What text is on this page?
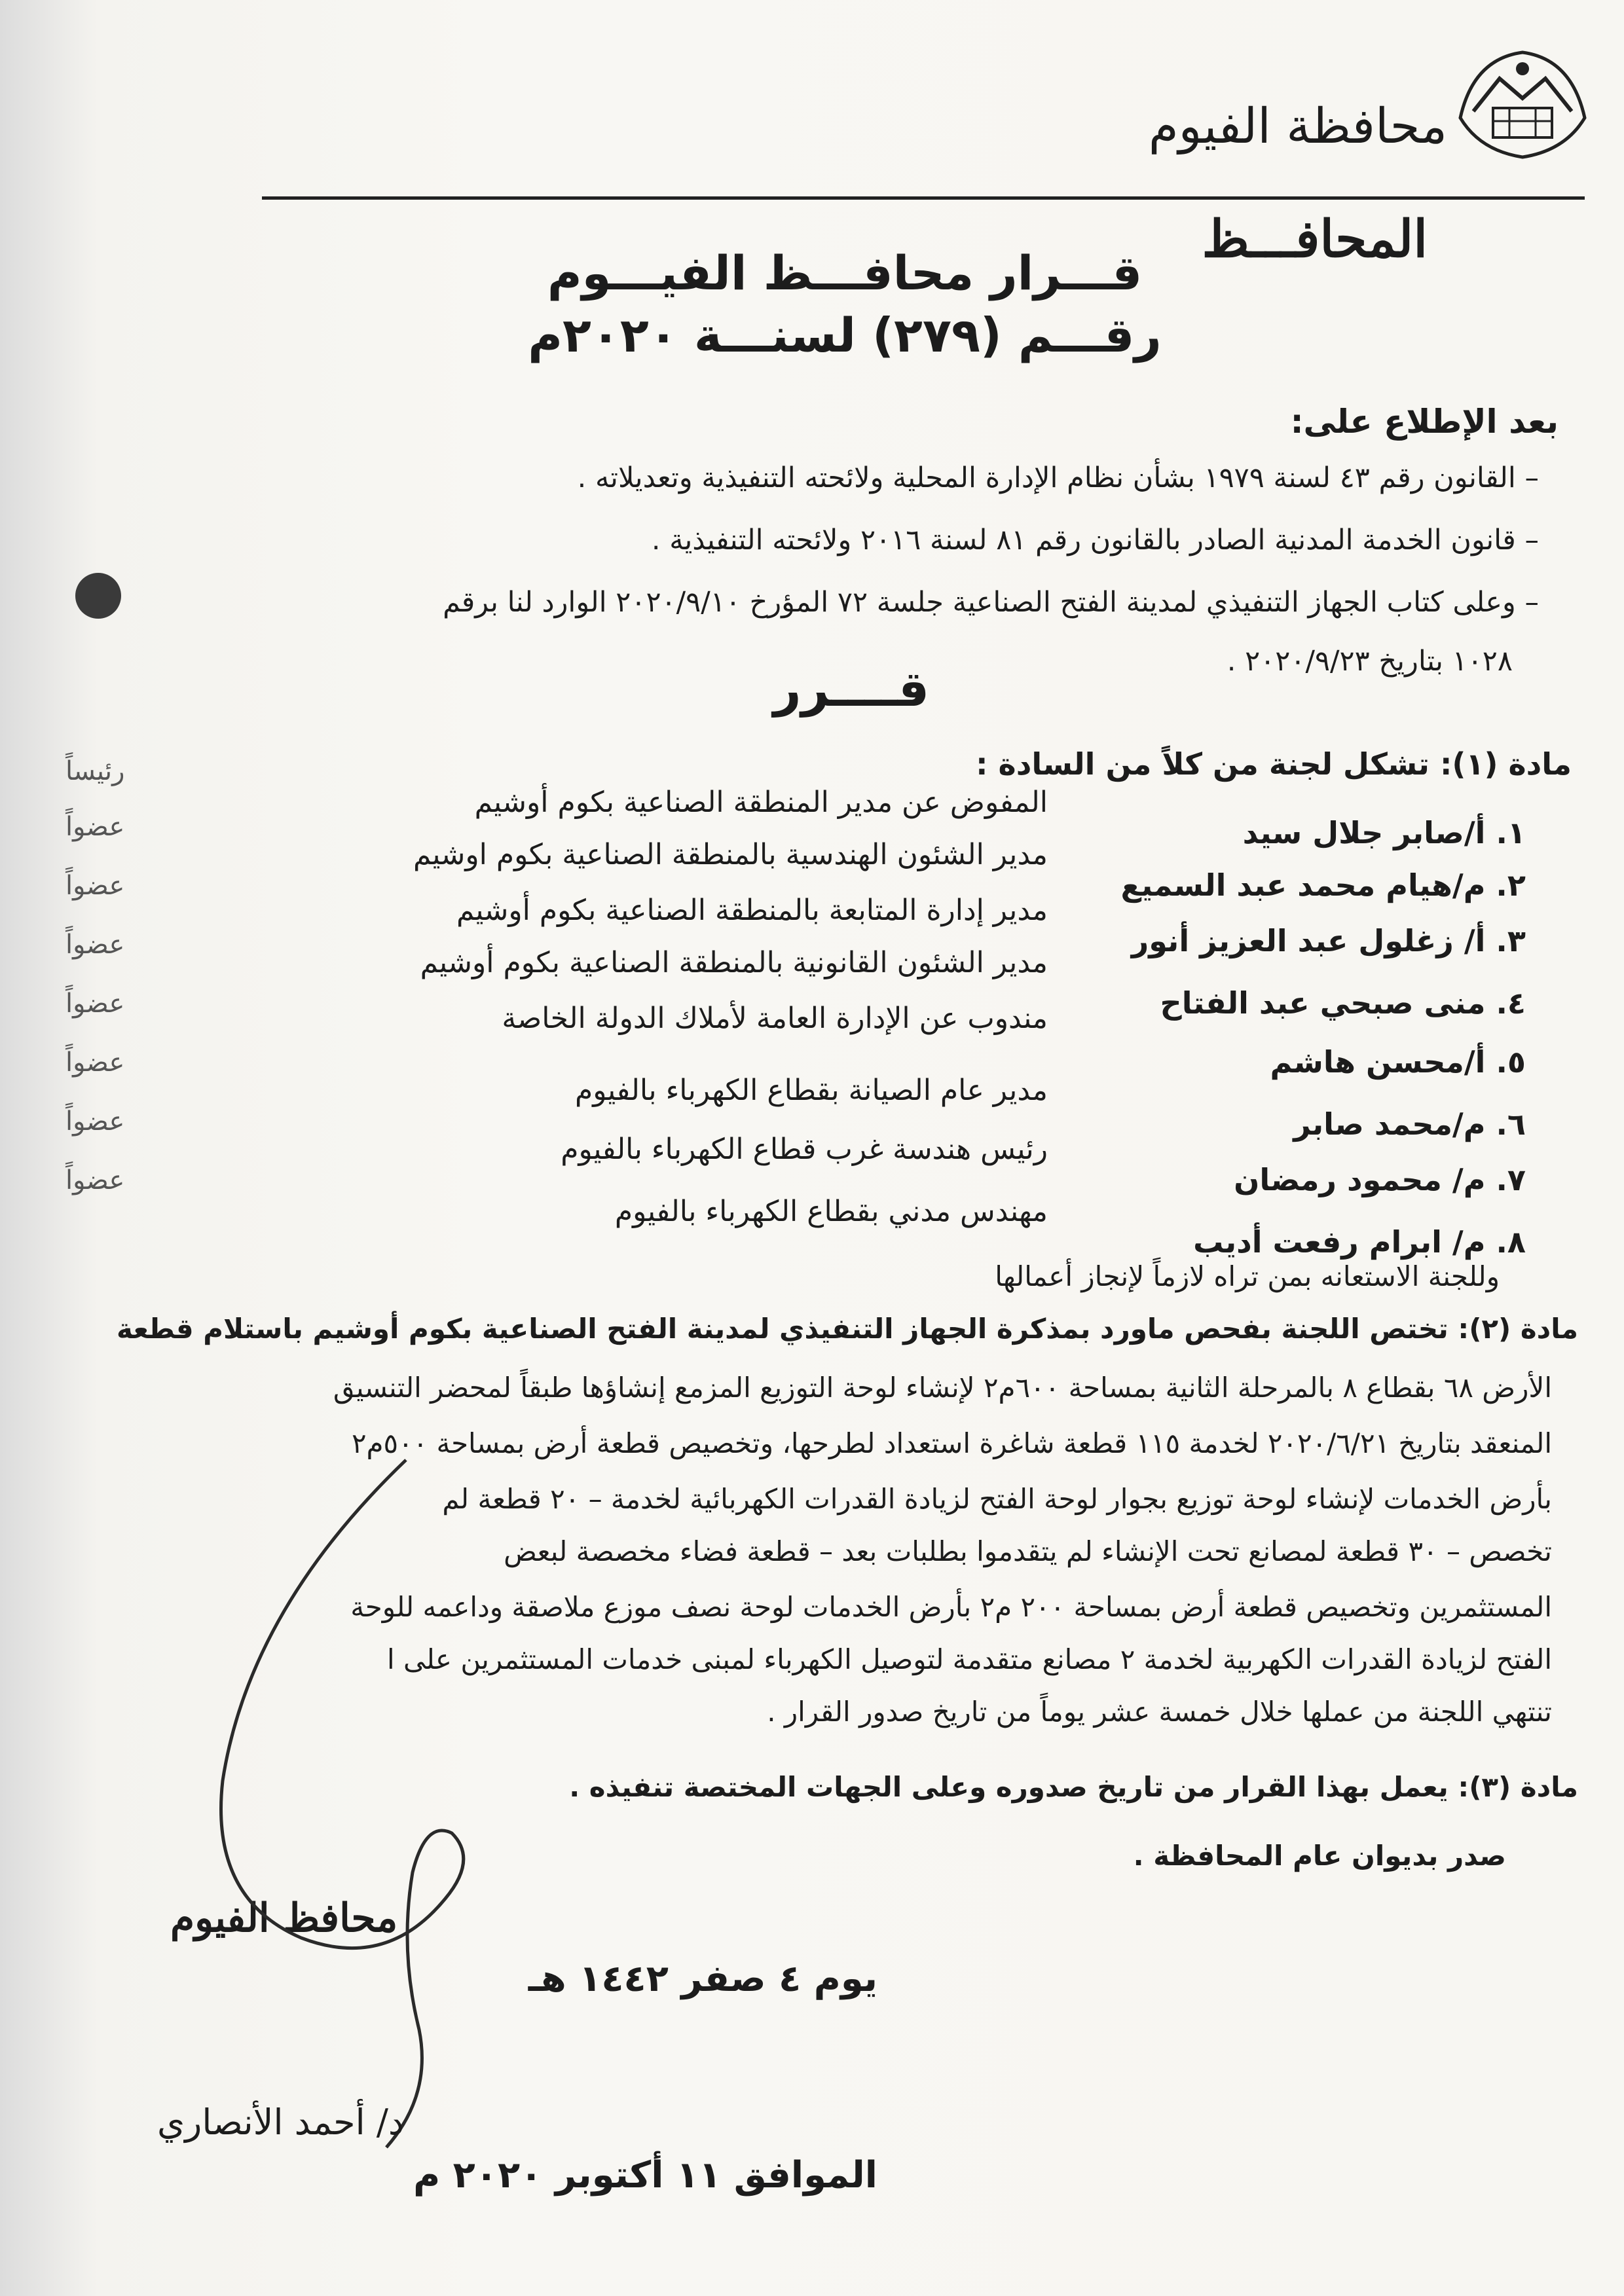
محافظة الفيوم
المحافـــظ
قـــرار محافـــظ الفيـــوم
رقـــم (٢٧٩) لسنـــة ٢٠٢٠م
بعد الإطلاع على:
– القانون رقم ٤٣ لسنة ١٩٧٩ بشأن نظام الإدارة المحلية ولائحته التنفيذية وتعديلاته .
– قانون الخدمة المدنية الصادر بالقانون رقم ٨١ لسنة ٢٠١٦ ولائحته التنفيذية .
– وعلى كتاب الجهاز التنفيذي لمدينة الفتح الصناعية جلسة ٧٢ المؤرخ ٢٠٢٠/٩/١٠ الوارد لنا برقم
١٠٢٨ بتاريخ ٢٠٢٠/٩/٢٣ .
قــــرر
مادة (١): تشكل لجنة من كلاً من السادة :
المفوض عن مدير المنطقة الصناعية بكوم أوشيم
١. أ/صابر جلال سيد
رئيساً
مدير الشئون الهندسية بالمنطقة الصناعية بكوم اوشيم
٢. م/هيام محمد عبد السميع
عضواً
مدير إدارة المتابعة بالمنطقة الصناعية بكوم أوشيم
٣. أ/ زغلول عبد العزيز أنور
عضواً
مدير الشئون القانونية بالمنطقة الصناعية بكوم أوشيم
٤. منى صبحي عبد الفتاح
عضواً
مندوب عن الإدارة العامة لأملاك الدولة الخاصة
٥. أ/محسن هاشم
عضواً
مدير عام الصيانة بقطاع الكهرباء بالفيوم
٦. م/محمد صابر
عضواً
رئيس هندسة غرب قطاع الكهرباء بالفيوم
٧. م/ محمود رمضان
عضواً
مهندس مدني بقطاع الكهرباء بالفيوم
٨. م/ ابرام رفعت أديب
عضواً
وللجنة الاستعانه بمن تراه لازماً لإنجاز أعمالها
مادة (٢): تختص اللجنة بفحص ماورد بمذكرة الجهاز التنفيذي لمدينة الفتح الصناعية بكوم أوشيم باستلام قطعة
الأرض ٦٨ بقطاع ٨ بالمرحلة الثانية بمساحة ٦٠٠م٢ لإنشاء لوحة التوزيع المزمع إنشاؤها طبقاً لمحضر التنسيق
المنعقد بتاريخ ٢٠٢٠/٦/٢١ لخدمة ١١٥ قطعة شاغرة استعداد لطرحها، وتخصيص قطعة أرض بمساحة ٥٠٠م٢
بأرض الخدمات لإنشاء لوحة توزيع بجوار لوحة الفتح لزيادة القدرات الكهربائية لخدمة – ٢٠ قطعة لم
تخصص – ٣٠ قطعة لمصانع تحت الإنشاء لم يتقدموا بطلبات بعد – قطعة فضاء مخصصة لبعض
المستثمرين وتخصيص قطعة أرض بمساحة ٢٠٠ م٢ بأرض الخدمات لوحة نصف موزع ملاصقة وداعمه للوحة
الفتح لزيادة القدرات الكهربية لخدمة ٢ مصانع متقدمة لتوصيل الكهرباء لمبنى خدمات المستثمرين على ا
تنتهي اللجنة من عملها خلال خمسة عشر يوماً من تاريخ صدور القرار .
مادة (٣): يعمل بهذا القرار من تاريخ صدوره وعلى الجهات المختصة تنفيذه .
صدر بديوان عام المحافظة .
يوم ٤ صفر ١٤٤٢ هـ
الموافق ١١ أكتوبر ٢٠٢٠ م
محافظ الفيوم
د/ أحمد الأنصاري
